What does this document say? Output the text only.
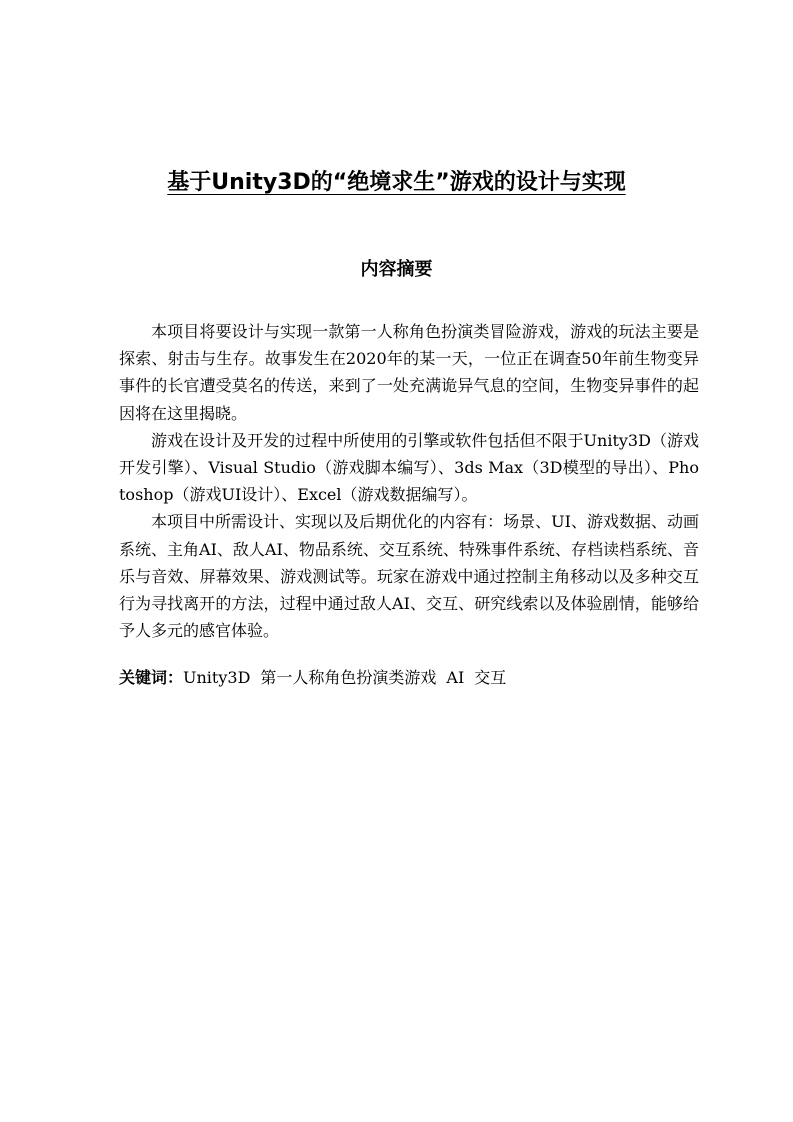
基于Unity3D的“绝境求生”游戏的设计与实现
内容摘要

本项目将要设计与实现一款第一人称角色扮演类冒险游戏，游戏的玩法主要是探索、射击与生存。故事发生在2020年的某一天，一位正在调查50年前生物变异事件的长官遭受莫名的传送，来到了一处充满诡异气息的空间，生物变异事件的起因将在这里揭晓。

游戏在设计及开发的过程中所使用的引擎或软件包括但不限于Unity3D（游戏开发引擎）、Visual Studio（游戏脚本编写）、3ds Max（3D模型的导出）、Photoshop（游戏UI设计）、Excel（游戏数据编写）。

本项目中所需设计、实现以及后期优化的内容有：场景、UI、游戏数据、动画系统、主角AI、敌人AI、物品系统、交互系统、特殊事件系统、存档读档系统、音乐与音效、屏幕效果、游戏测试等。玩家在游戏中通过控制主角移动以及多种交互行为寻找离开的方法，过程中通过敌人AI、交互、研究线索以及体验剧情，能够给予人多元的感官体验。

关键词：Unity3D 第一人称角色扮演类游戏 AI 交互
